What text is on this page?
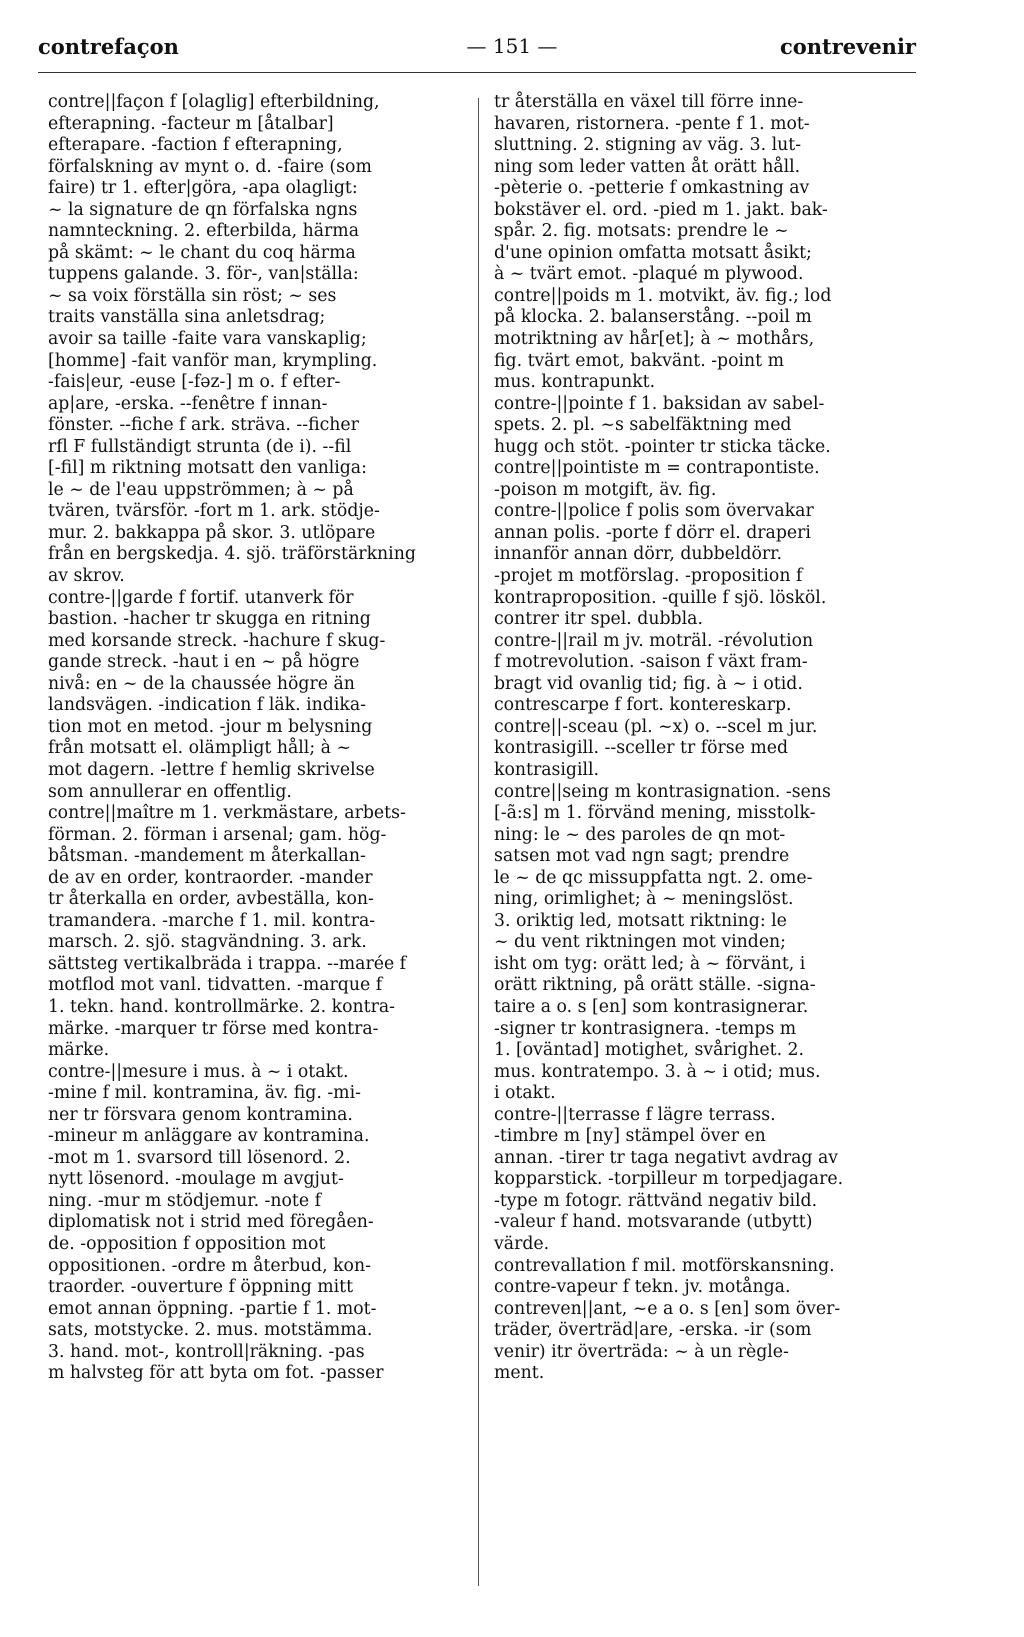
contrefaçon	— 151 —	contrevenir
contre||façon f [olaglig] efterbildning,
efterapning. -facteur m [åtalbar]
efterapare. -faction f efterapning,
förfalskning av mynt o. d. -faire (som
faire) tr 1. efter|göra, -apa olagligt:
~ la signature de qn förfalska ngns
namnteckning. 2. efterbilda, härma
på skämt: ~ le chant du coq härma
tuppens galande. 3. för-, van|ställa:
~ sa voix förställa sin röst; ~ ses
traits vanställa sina anletsdrag;
avoir sa taille -faite vara vanskaplig;
[homme] -fait vanför man, krympling.
-fais|eur, -euse [-fəz-] m o. f efter-
ap|are, -erska. --fenêtre f innan-
fönster. --fiche f ark. sträva. --ficher
rfl F fullständigt strunta (de i). --fil
[-fil] m riktning motsatt den vanliga:
le ~ de l'eau uppströmmen; à ~ på
tvären, tvärsför. -fort m 1. ark. stödje-
mur. 2. bakkappa på skor. 3. utlöpare
från en bergskedja. 4. sjö. träförstärkning
av skrov.
contre-||garde f fortif. utanverk för
bastion. -hacher tr skugga en ritning
med korsande streck. -hachure f skug-
gande streck. -haut i en ~ på högre
nivå: en ~ de la chaussée högre än
landsvägen. -indication f läk. indika-
tion mot en metod. -jour m belysning
från motsatt el. olämpligt håll; à ~
mot dagern. -lettre f hemlig skrivelse
som annullerar en offentlig.
contre||maître m 1. verkmästare, arbets-
förman. 2. förman i arsenal; gam. hög-
båtsman. -mandement m återkallan-
de av en order, kontraorder. -mander
tr återkalla en order, avbeställa, kon-
tramandera. -marche f 1. mil. kontra-
marsch. 2. sjö. stagvändning. 3. ark.
sättsteg vertikalbräda i trappa. --marée f
motflod mot vanl. tidvatten. -marque f
1. tekn. hand. kontrollmärke. 2. kontra-
märke. -marquer tr förse med kontra-
märke.
contre-||mesure i mus. à ~ i otakt.
-mine f mil. kontramina, äv. fig. -mi-
ner tr försvara genom kontramina.
-mineur m anläggare av kontramina.
-mot m 1. svarsord till lösenord. 2.
nytt lösenord. -moulage m avgjut-
ning. -mur m stödjemur. -note f
diplomatisk not i strid med föregåen-
de. -opposition f opposition mot
oppositionen. -ordre m återbud, kon-
traorder. -ouverture f öppning mitt
emot annan öppning. -partie f 1. mot-
sats, motstycke. 2. mus. motstämma.
3. hand. mot-, kontroll|räkning. -pas
m halvsteg för att byta om fot. -passer
tr återställa en växel till förre inne-
havaren, ristornera. -pente f 1. mot-
sluttning. 2. stigning av väg. 3. lut-
ning som leder vatten åt orätt håll.
-pèterie o. -petterie f omkastning av
bokstäver el. ord. -pied m 1. jakt. bak-
spår. 2. fig. motsats: prendre le ~
d'une opinion omfatta motsatt åsikt;
à ~ tvärt emot. -plaqué m plywood.
contre||poids m 1. motvikt, äv. fig.; lod
på klocka. 2. balanserstång. --poil m
motriktning av hår[et]; à ~ mothårs,
fig. tvärt emot, bakvänt. -point m
mus. kontrapunkt.
contre-||pointe f 1. baksidan av sabel-
spets. 2. pl. ~s sabelfäktning med
hugg och stöt. -pointer tr sticka täcke.
contre||pointiste m = contrapontiste.
-poison m motgift, äv. fig.
contre-||police f polis som övervakar
annan polis. -porte f dörr el. draperi
innanför annan dörr, dubbeldörr.
-projet m motförslag. -proposition f
kontraproposition. -quille f sjö. lösköl.
contrer itr spel. dubbla.
contre-||rail m jv. moträl. -révolution
f motrevolution. -saison f växt fram-
bragt vid ovanlig tid; fig. à ~ i otid.
contrescarpe f fort. kontereskarp.
contre||-sceau (pl. ~x) o. --scel m jur.
kontrasigill. --sceller tr förse med
kontrasigill.
contre||seing m kontrasignation. -sens
[-ã:s] m 1. förvänd mening, misstolk-
ning: le ~ des paroles de qn mot-
satsen mot vad ngn sagt; prendre
le ~ de qc missuppfatta ngt. 2. ome-
ning, orimlighet; à ~ meningslöst.
3. oriktig led, motsatt riktning: le
~ du vent riktningen mot vinden;
isht om tyg: orätt led; à ~ förvänt, i
orätt riktning, på orätt ställe. -signa-
taire a o. s [en] som kontrasignerar.
-signer tr kontrasignera. -temps m
1. [oväntad] motighet, svårighet. 2.
mus. kontratempo. 3. à ~ i otid; mus.
i otakt.
contre-||terrasse f lägre terrass.
-timbre m [ny] stämpel över en
annan. -tirer tr taga negativt avdrag av
kopparstick. -torpilleur m torpedjagare.
-type m fotogr. rättvänd negativ bild.
-valeur f hand. motsvarande (utbytt)
värde.
contrevallation f mil. motförskansning.
contre-vapeur f tekn. jv. motånga.
contreven||ant, ~e a o. s [en] som över-
träder, överträd|are, -erska. -ir (som
venir) itr överträda: ~ à un règle-
ment.
